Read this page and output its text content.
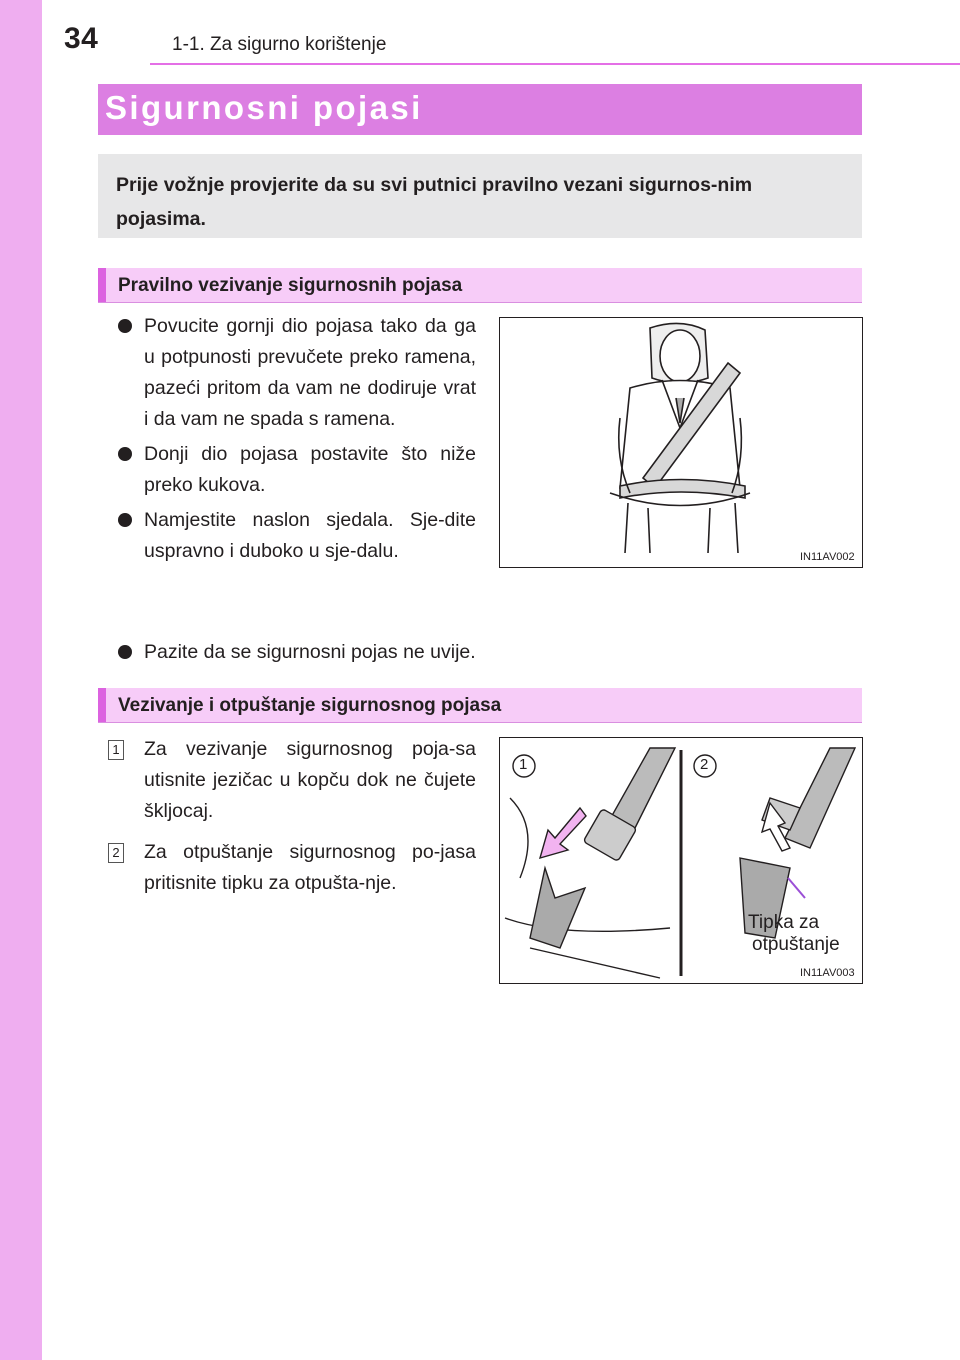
34	1-1. Za sigurno korištenje
Sigurnosni pojasi
Prije vožnje provjerite da su svi putnici pravilno vezani sigurnos-nim pojasima.
Pravilno vezivanje sigurnosnih pojasa
Povucite gornji dio pojasa tako da ga u potpunosti prevučete preko ramena, pazeći pritom da vam ne dodiruje vrat i da vam ne spada s ramena.
Donji dio pojasa postavite što niže preko kukova.
Namjestite naslon sjedala. Sje-dite uspravno i duboko u sje-dalu.
Pazite da se sigurnosni pojas ne uvije.
IN11AV002
Vezivanje i otpuštanje sigurnosnog pojasa
1 Za vezivanje sigurnosnog poja-sa utisnite jezičac u kopču dok ne čujete škljocaj.
2 Za otpuštanje sigurnosnog po-jasa pritisnite tipku za otpušta-nje.
1	2
Tipka za
otpuštanje
IN11AV003
